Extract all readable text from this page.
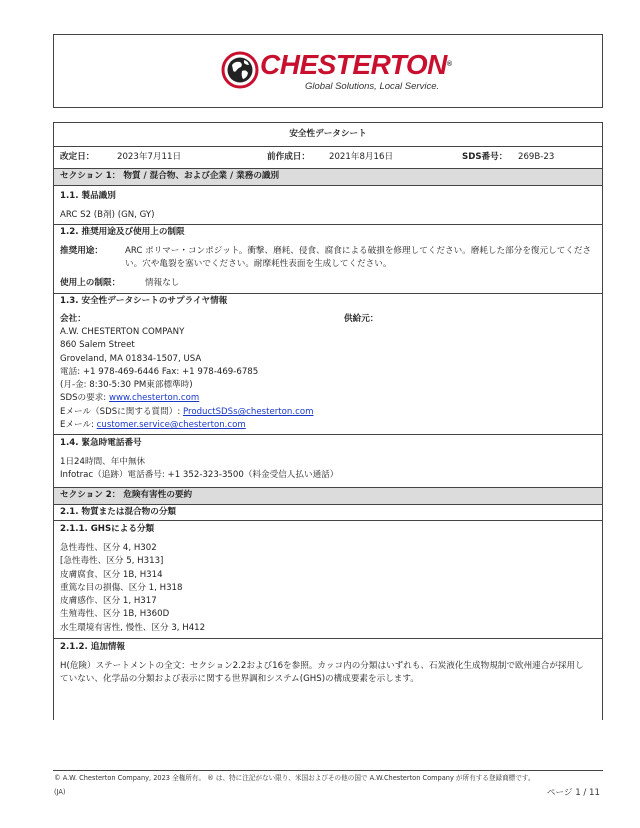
CHESTERTON®
Global Solutions, Local Service.
安全性データシート
改定日：	2023年7月11日	前作成日： 2021年8月16日	SDS番号： 269B-23
セクション 1： 物質 / 混合物、および企業 / 業務の識別
1.1. 製品識別
ARC S2 (B剤) (GN, GY)
1.2. 推奨用途及び使用上の制限
推奨用途：	ARC ポリマー・コンポジット。衝撃、磨耗、侵食、腐食による破損を修理してください。磨耗した部分を復元してくださ
い。穴や亀裂を塞いでください。耐摩耗性表面を生成してください。
使用上の制限：	情報なし
1.3. 安全性データシートのサプライヤ情報
会社：	供給元：
A.W. CHESTERTON COMPANY
860 Salem Street
Groveland, MA 01834-1507, USA
電話: +1 978-469-6446 Fax: +1 978-469-6785
(月-金: 8:30-5:30 PM東部標準時)
SDSの要求: www.chesterton.com
Eメール（SDSに関する質問）: ProductSDSs@chesterton.com
Eメール: customer.service@chesterton.com
1.4. 緊急時電話番号
1日24時間、年中無休
Infotrac（追跡）電話番号: +1 352-323-3500（料金受信人払い通話）
セクション 2： 危険有害性の要約
2.1. 物質または混合物の分類
2.1.1. GHSによる分類
急性毒性、区分 4, H302
[急性毒性、区分 5, H313]
皮膚腐食、区分 1B, H314
重篤な目の損傷、区分 1, H318
皮膚感作、区分 1, H317
生殖毒性、区分 1B, H360D
水生環境有害性, 慢性、区分 3, H412
2.1.2. 追加情報
H(危険）ステートメントの全文：セクション2.2および16を参照。カッコ内の分類はいずれも、石炭液化生成物規制で欧州連合が採用し
ていない、化学品の分類および表示に関する世界調和システム(GHS)の構成要素を示します。
© A.W. Chesterton Company, 2023 全権所有。 ® は、特に注記がない限り、米国およびその他の国で A.W.Chesterton Company が所有する登録商標です。
(JA)	ページ 1 / 11
